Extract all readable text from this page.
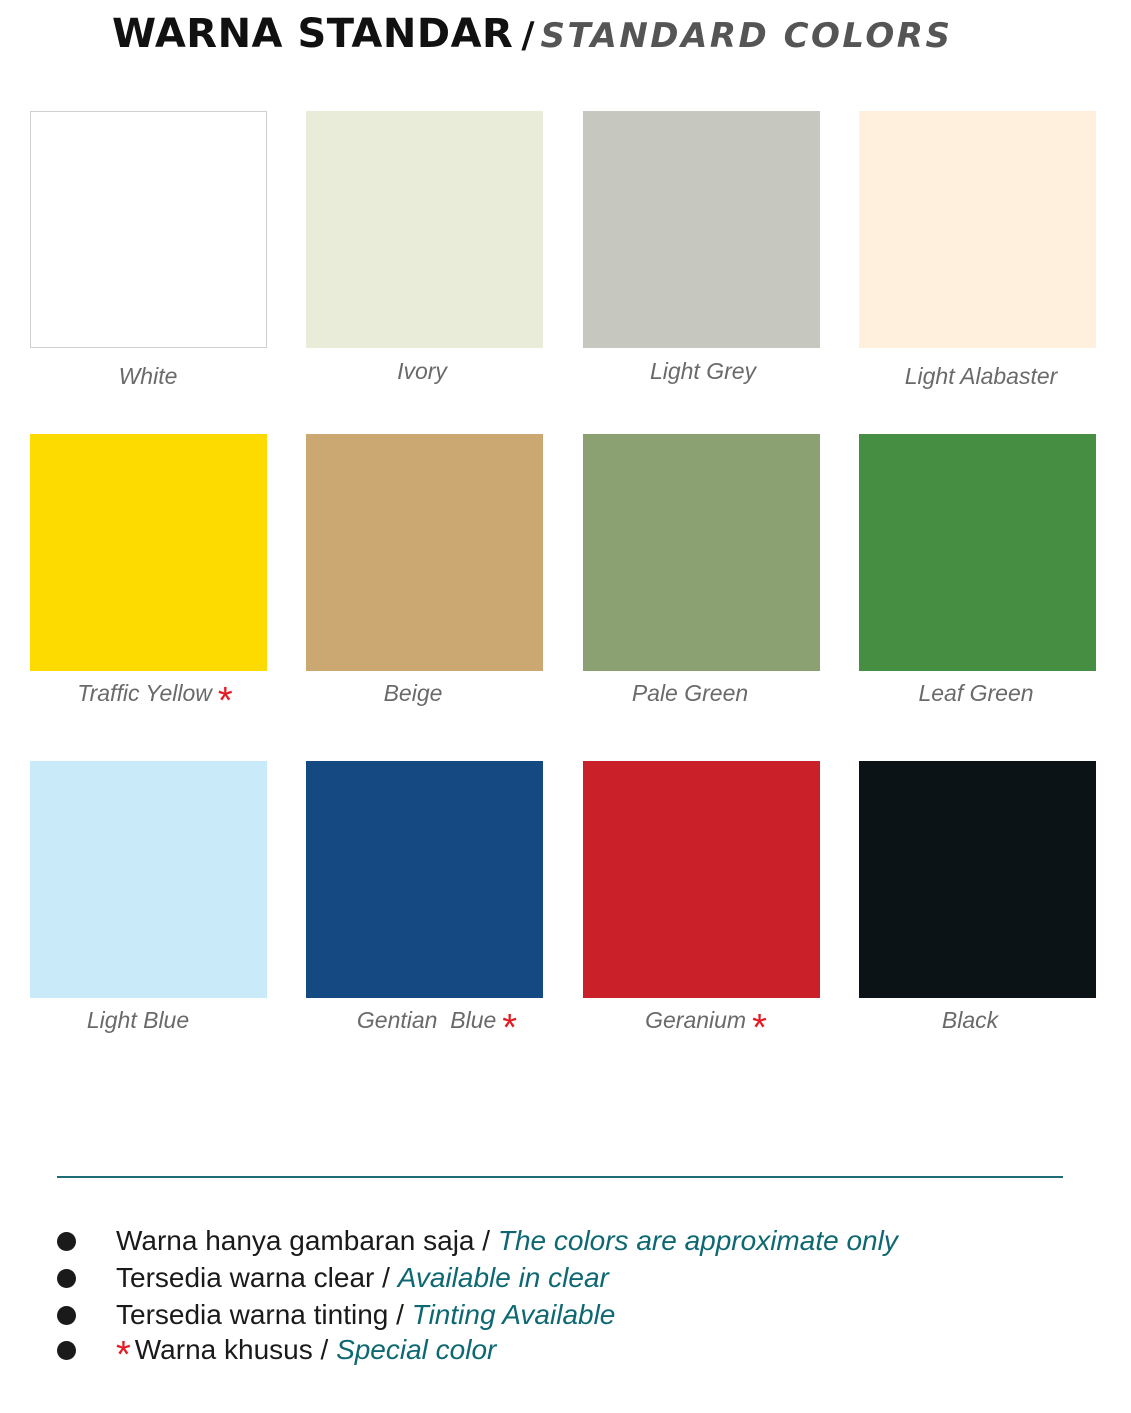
WARNA STANDAR / STANDARD COLORS
White	Ivory	Light Grey	Light Alabaster
Traffic Yellow *	Beige	Pale Green	Leaf Green
Light Blue	Gentian  Blue *	Geranium *	Black
Warna hanya gambaran saja / The colors are approximate only
Tersedia warna clear / Available in clear
Tersedia warna tinting / Tinting Available
* Warna khusus / Special color
